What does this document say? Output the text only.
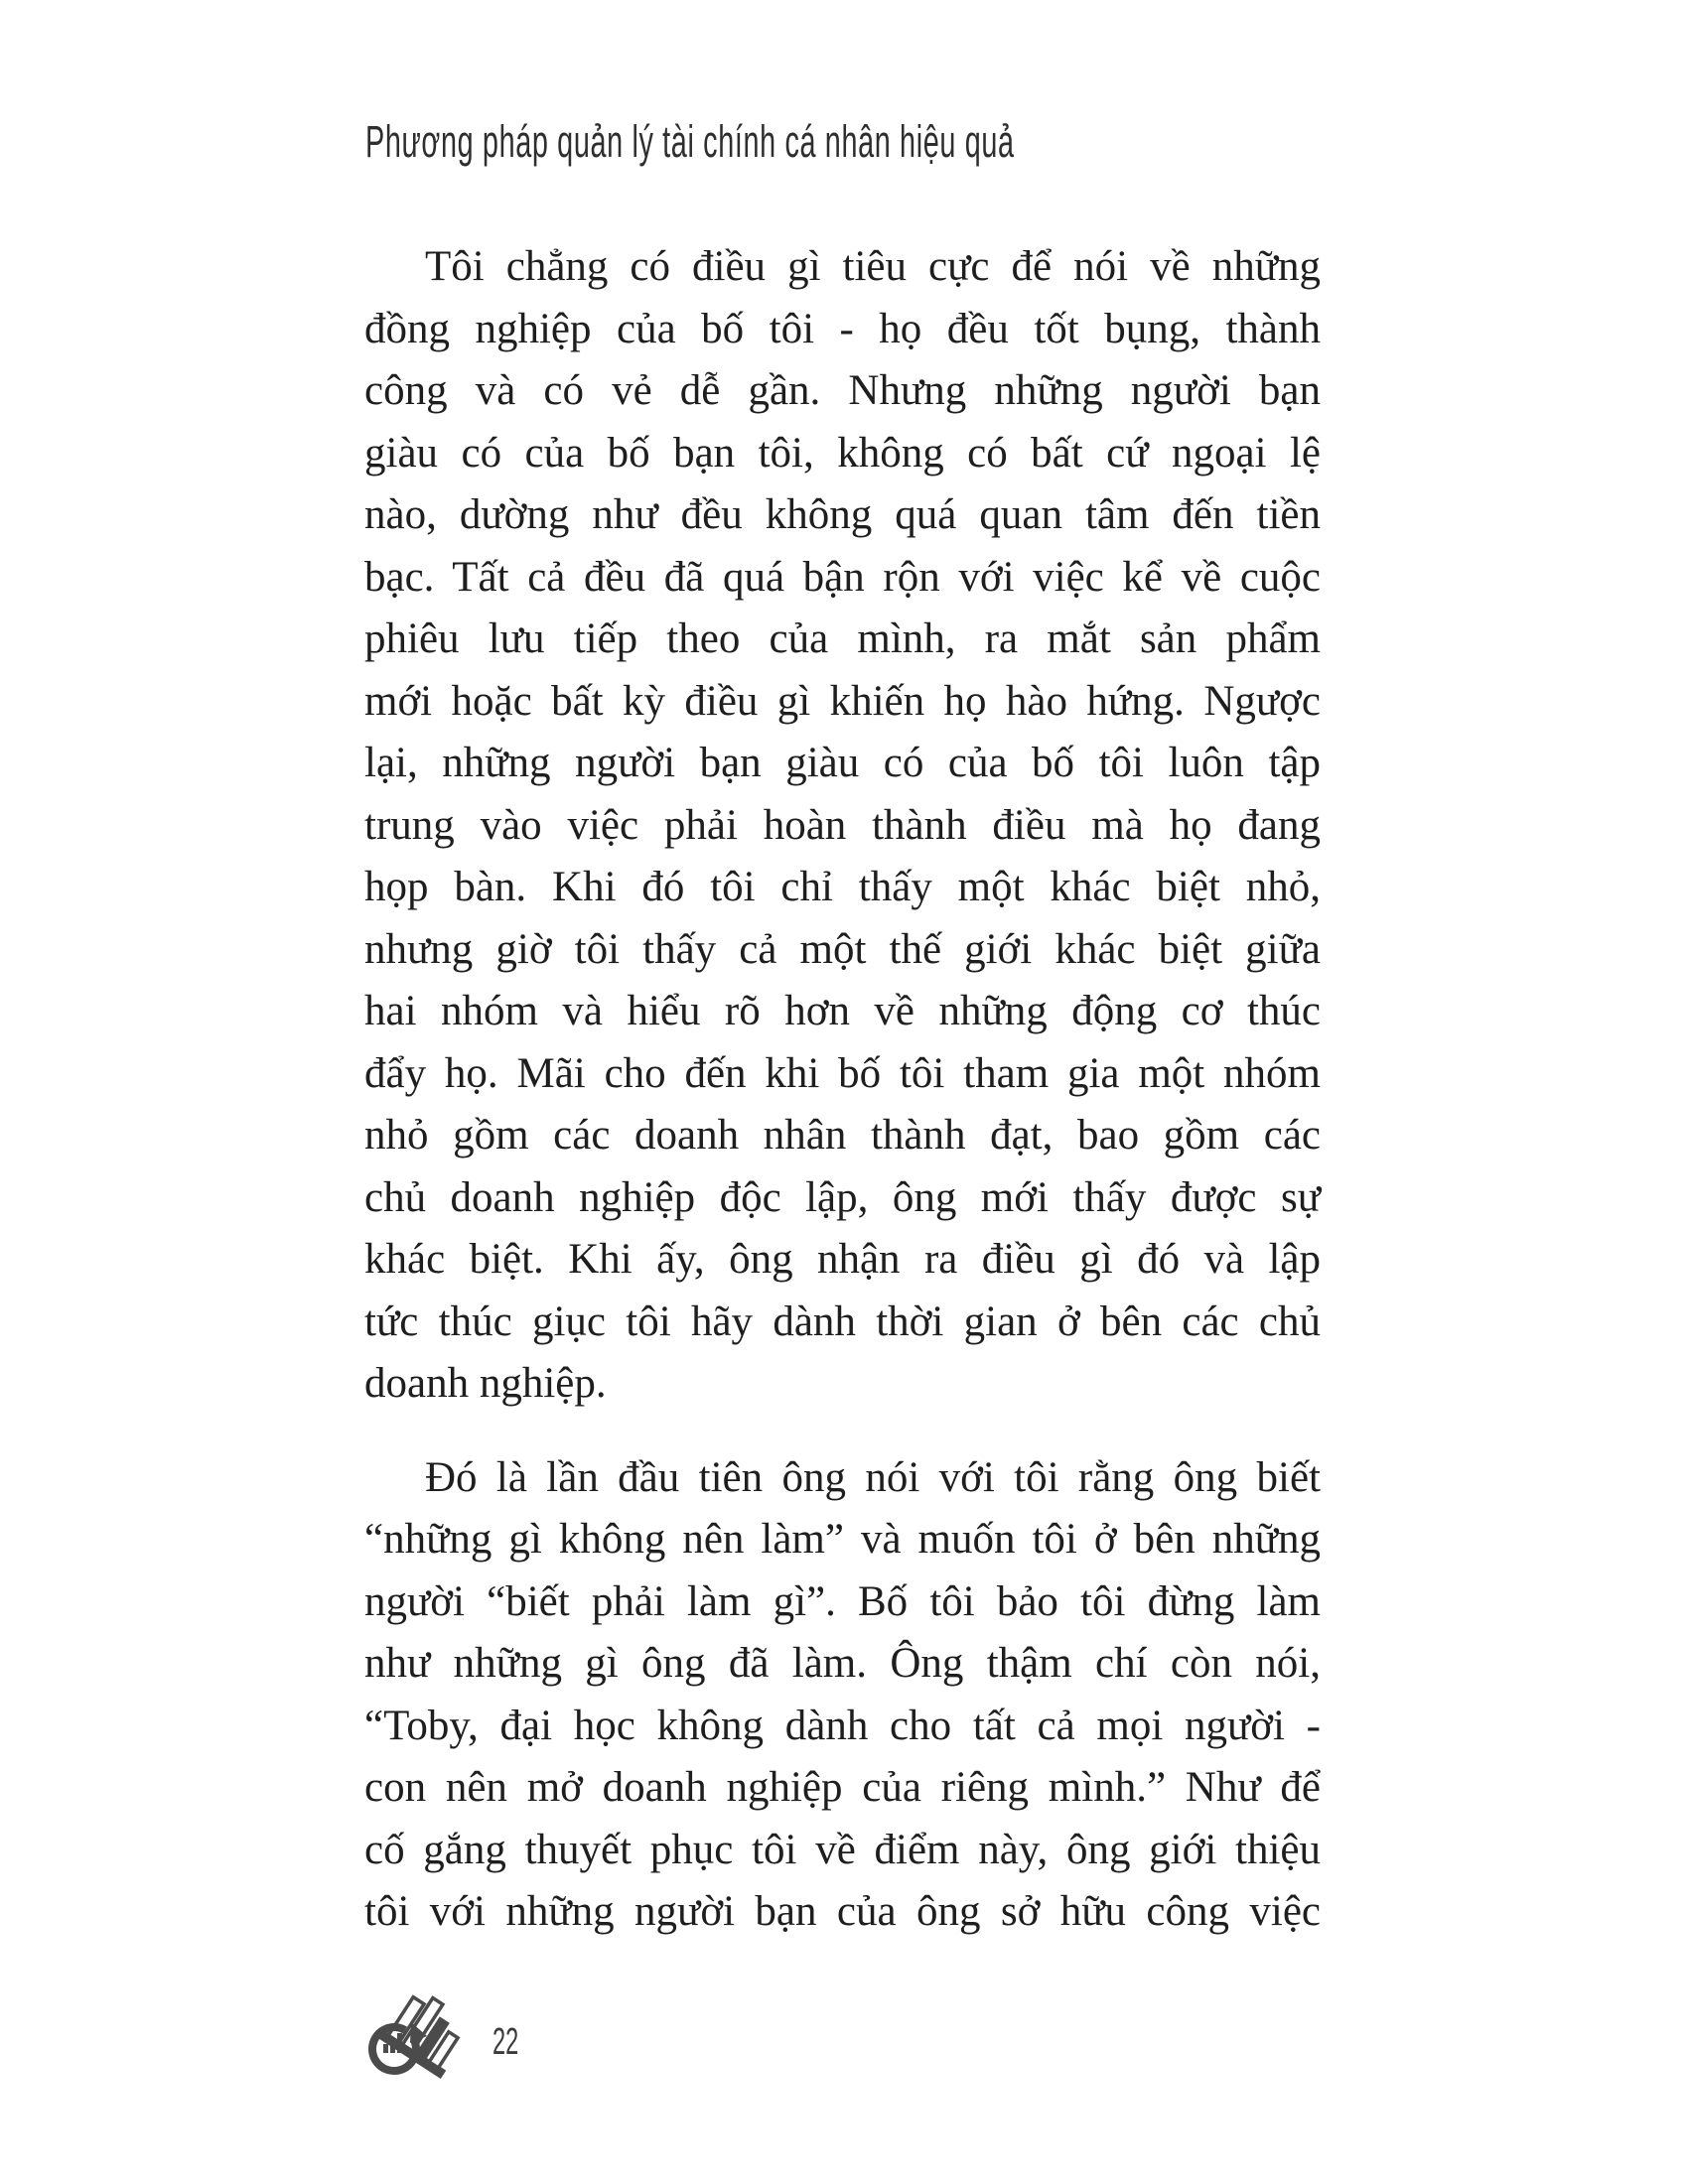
Phương pháp quản lý tài chính cá nhân hiệu quả
Tôi chẳng có điều gì tiêu cực để nói về những
đồng nghiệp của bố tôi - họ đều tốt bụng, thành
công và có vẻ dễ gần. Nhưng những người bạn
giàu có của bố bạn tôi, không có bất cứ ngoại lệ
nào, dường như đều không quá quan tâm đến tiền
bạc. Tất cả đều đã quá bận rộn với việc kể về cuộc
phiêu lưu tiếp theo của mình, ra mắt sản phẩm
mới hoặc bất kỳ điều gì khiến họ hào hứng. Ngược
lại, những người bạn giàu có của bố tôi luôn tập
trung vào việc phải hoàn thành điều mà họ đang
họp bàn. Khi đó tôi chỉ thấy một khác biệt nhỏ,
nhưng giờ tôi thấy cả một thế giới khác biệt giữa
hai nhóm và hiểu rõ hơn về những động cơ thúc
đẩy họ. Mãi cho đến khi bố tôi tham gia một nhóm
nhỏ gồm các doanh nhân thành đạt, bao gồm các
chủ doanh nghiệp độc lập, ông mới thấy được sự
khác biệt. Khi ấy, ông nhận ra điều gì đó và lập
tức thúc giục tôi hãy dành thời gian ở bên các chủ
doanh nghiệp.
Đó là lần đầu tiên ông nói với tôi rằng ông biết
“những gì không nên làm” và muốn tôi ở bên những
người “biết phải làm gì”. Bố tôi bảo tôi đừng làm
như những gì ông đã làm. Ông thậm chí còn nói,
“Toby, đại học không dành cho tất cả mọi người -
con nên mở doanh nghiệp của riêng mình.” Như để
cố gắng thuyết phục tôi về điểm này, ông giới thiệu
tôi với những người bạn của ông sở hữu công việc
22
